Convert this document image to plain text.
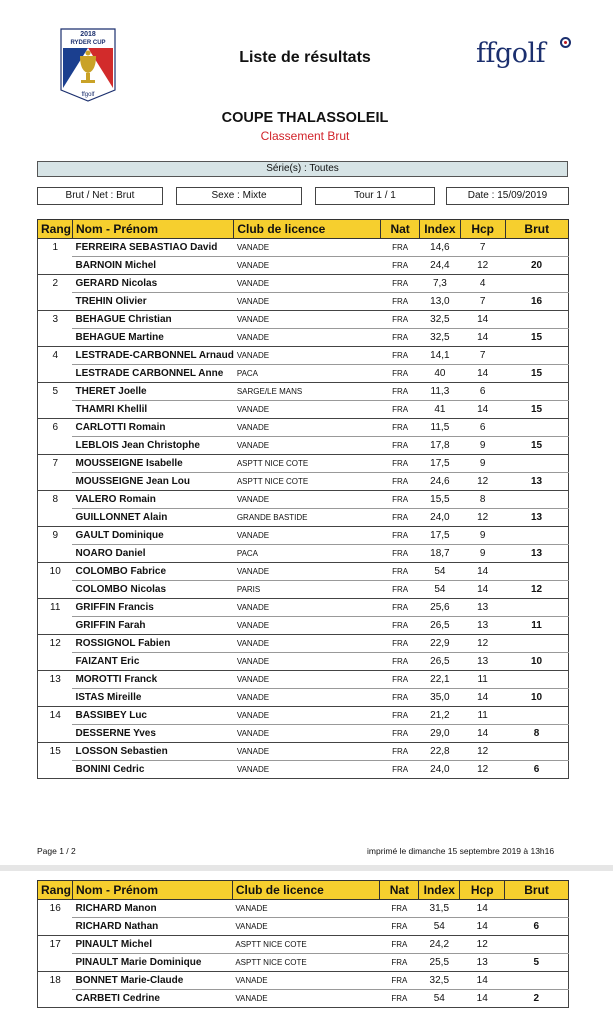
2018
RYDER CUP
ffgolf
Liste de résultats	ffgolf
COUPE THALASSOLEIL
Classement Brut
Série(s) : Toutes
Brut / Net : Brut	Sexe : Mixte	Tour 1 / 1	Date : 15/09/2019
Rang	Nom - Prénom	Club de licence	Nat	Index	Hcp	Brut
1	FERREIRA SEBASTIAO David	VANADE	FRA	14,6	7	
	BARNOIN Michel	VANADE	FRA	24,4	12	20
2	GERARD Nicolas	VANADE	FRA	7,3	4	
	TREHIN Olivier	VANADE	FRA	13,0	7	16
3	BEHAGUE Christian	VANADE	FRA	32,5	14	
	BEHAGUE Martine	VANADE	FRA	32,5	14	15
4	LESTRADE-CARBONNEL Arnaud	VANADE	FRA	14,1	7	
	LESTRADE CARBONNEL Anne	PACA	FRA	40	14	15
5	THERET Joelle	SARGE/LE MANS	FRA	11,3	6	
	THAMRI Khellil	VANADE	FRA	41	14	15
6	CARLOTTI Romain	VANADE	FRA	11,5	6	
	LEBLOIS Jean Christophe	VANADE	FRA	17,8	9	15
7	MOUSSEIGNE Isabelle	ASPTT NICE COTE	FRA	17,5	9	
	MOUSSEIGNE Jean Lou	ASPTT NICE COTE	FRA	24,6	12	13
8	VALERO Romain	VANADE	FRA	15,5	8	
	GUILLONNET Alain	GRANDE BASTIDE	FRA	24,0	12	13
9	GAULT Dominique	VANADE	FRA	17,5	9	
	NOARO Daniel	PACA	FRA	18,7	9	13
10	COLOMBO Fabrice	VANADE	FRA	54	14	
	COLOMBO Nicolas	PARIS	FRA	54	14	12
11	GRIFFIN Francis	VANADE	FRA	25,6	13	
	GRIFFIN Farah	VANADE	FRA	26,5	13	11
12	ROSSIGNOL Fabien	VANADE	FRA	22,9	12	
	FAIZANT Eric	VANADE	FRA	26,5	13	10
13	MOROTTI Franck	VANADE	FRA	22,1	11	
	ISTAS Mireille	VANADE	FRA	35,0	14	10
14	BASSIBEY Luc	VANADE	FRA	21,2	11	
	DESSERNE Yves	VANADE	FRA	29,0	14	8
15	LOSSON Sebastien	VANADE	FRA	22,8	12	
	BONINI Cedric	VANADE	FRA	24,0	12	6
Page 1 / 2	imprimé le dimanche 15 septembre 2019 à 13h16
Rang	Nom - Prénom	Club de licence	Nat	Index	Hcp	Brut
16	RICHARD Manon	VANADE	FRA	31,5	14	
	RICHARD Nathan	VANADE	FRA	54	14	6
17	PINAULT Michel	ASPTT NICE COTE	FRA	24,2	12	
	PINAULT Marie Dominique	ASPTT NICE COTE	FRA	25,5	13	5
18	BONNET Marie-Claude	VANADE	FRA	32,5	14	
	CARBETI Cedrine	VANADE	FRA	54	14	2
